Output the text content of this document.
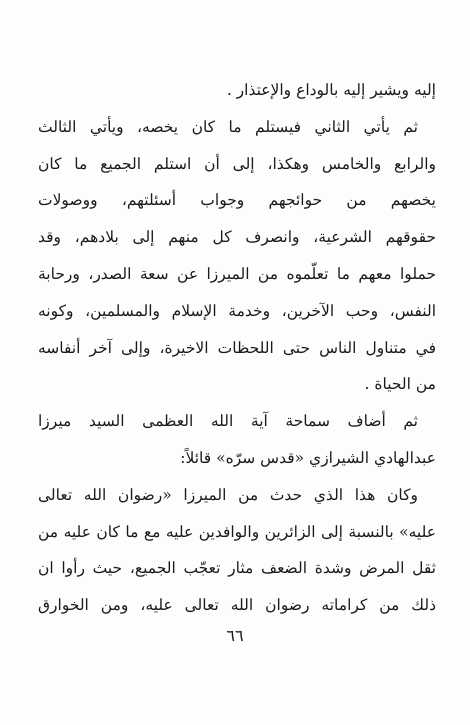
إليه ويشير إليه بالوداع والإعتذار .
ثم يأتي الثاني فيستلم ما كان يخصه، ويأتي الثالث
والرابع والخامس وهكذا، إلى أن استلم الجميع ما كان
يخصهم من حوائجهم وجواب أسئلتهم، ووصولات
حقوقهم الشرعية، وانصرف كل منهم إلى بلادهم، وقد
حملوا معهم ما تعلّموه من الميرزا عن سعة الصدر، ورحابة
النفس، وحب الآخرين، وخدمة الإسلام والمسلمين، وكونه
في متناول الناس حتى اللحظات الاخيرة، وإلى آخر أنفاسه
من الحياة .
ثم أضاف سماحة آية الله العظمى السيد ميرزا
عبدالهادي الشيرازي «قدس سرّه» قائلاً:
وكان هذا الذي حدث من الميرزا «رضوان الله تعالى
عليه» بالنسبة إلى الزائرين والوافدين عليه مع ما كان عليه من
ثقل المرض وشدة الضعف مثار تعجّب الجميع، حيث رأوا ان
ذلك من كراماته رضوان الله تعالى عليه، ومن الخوارق
٦٦
